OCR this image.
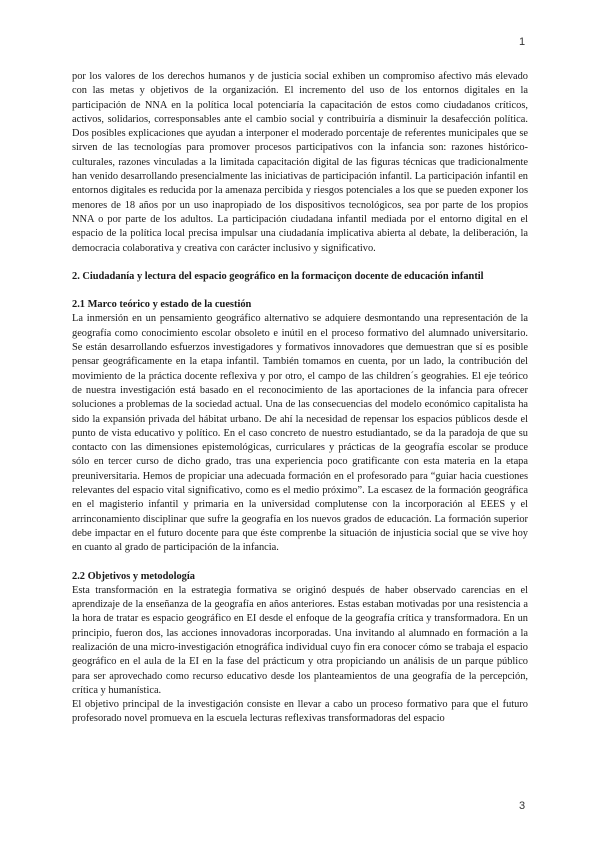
1

por los valores de los derechos humanos y de justicia social exhiben un compromiso afectivo más elevado con las metas y objetivos de la organización. El incremento del uso de los entornos digitales en la participación de NNA en la política local potenciaría la capacitación de estos como ciudadanos críticos, activos, solidarios, corresponsables ante el cambio social y contribuiría a disminuir la desafección política. Dos posibles explicaciones que ayudan a interponer el moderado porcentaje de referentes municipales que se sirven de las tecnologías para promover procesos participativos con la infancia son: razones histórico-culturales, razones vinculadas a la limitada capacitación digital de las figuras técnicas que tradicionalmente han venido desarrollando presencialmente las iniciativas de participación infantil. La participación infantil en entornos digitales es reducida por la amenaza percibida y riesgos potenciales a los que se pueden exponer los menores de 18 años por un uso inapropiado de los dispositivos tecnológicos, sea por parte de los propios NNA o por parte de los adultos. La participación ciudadana infantil mediada por el entorno digital en el espacio de la política local precisa impulsar una ciudadanía implicativa abierta al debate, la deliberación, la democracia colaborativa y creativa con carácter inclusivo y significativo.

2. Ciudadanía y lectura del espacio geográfico en la formaciçon docente de educación infantil

2.1 Marco teórico y estado de la cuestión

La inmersión en un pensamiento geográfico alternativo se adquiere desmontando una representación de la geografía como conocimiento escolar obsoleto e inútil en el proceso formativo del alumnado universitario. Se están desarrollando esfuerzos investigadores y formativos innovadores que demuestran que sí es posible pensar geográficamente en la etapa infantil. También tomamos en cuenta, por un lado, la contribución del movimiento de la práctica docente reflexiva y por otro, el campo de las children´s geograhies. El eje teórico de nuestra investigación está basado en el reconocimiento de las aportaciones de la infancia para ofrecer soluciones a problemas de la sociedad actual. Una de las consecuencias del modelo económico capitalista ha sido la expansión privada del hábitat urbano. De ahí la necesidad de repensar los espacios públicos desde el punto de vista educativo y político. En el caso concreto de nuestro estudiantado, se da la paradoja de que su contacto con las dimensiones epistemológicas, curriculares y prácticas de la geografía escolar se produce sólo en tercer curso de dicho grado, tras una experiencia poco gratificante con esta materia en la etapa preuniversitaria. Hemos de propiciar una adecuada formación en el profesorado para “guiar hacia cuestiones relevantes del espacio vital significativo, como es el medio próximo”. La escasez de la formación geográfica en el magisterio infantil y primaria en la universidad complutense con la incorporación al EEES y el arrinconamiento disciplinar que sufre la geografía en los nuevos grados de educación. La formación superior debe impactar en el futuro docente para que éste comprenbe la situación de injusticia social que se vive hoy en cuanto al grado de participación de la infancia.

2.2 Objetivos y metodología

Esta transformación en la estrategia formativa se originó después de haber observado carencias en el aprendizaje de la enseñanza de la geografía en años anteriores. Estas estaban motivadas por una resistencia a la hora de tratar es espacio geográfico en EI desde el enfoque de la geografía crítica y transformadora. En un principio, fueron dos, las acciones innovadoras incorporadas. Una invitando al alumnado en formación a la realización de una micro-investigación etnográfica individual cuyo fin era conocer cómo se trabaja el espacio geográfico en el aula de la EI en la fase del prácticum y otra propiciando un análisis de un parque público para ser aprovechado como recurso educativo desde los planteamientos de una geografía de la percepción, crítica y humanística.

El objetivo principal de la investigación consiste en llevar a cabo un proceso formativo para que el futuro profesorado novel promueva en la escuela lecturas reflexivas transformadoras del espacio

3
